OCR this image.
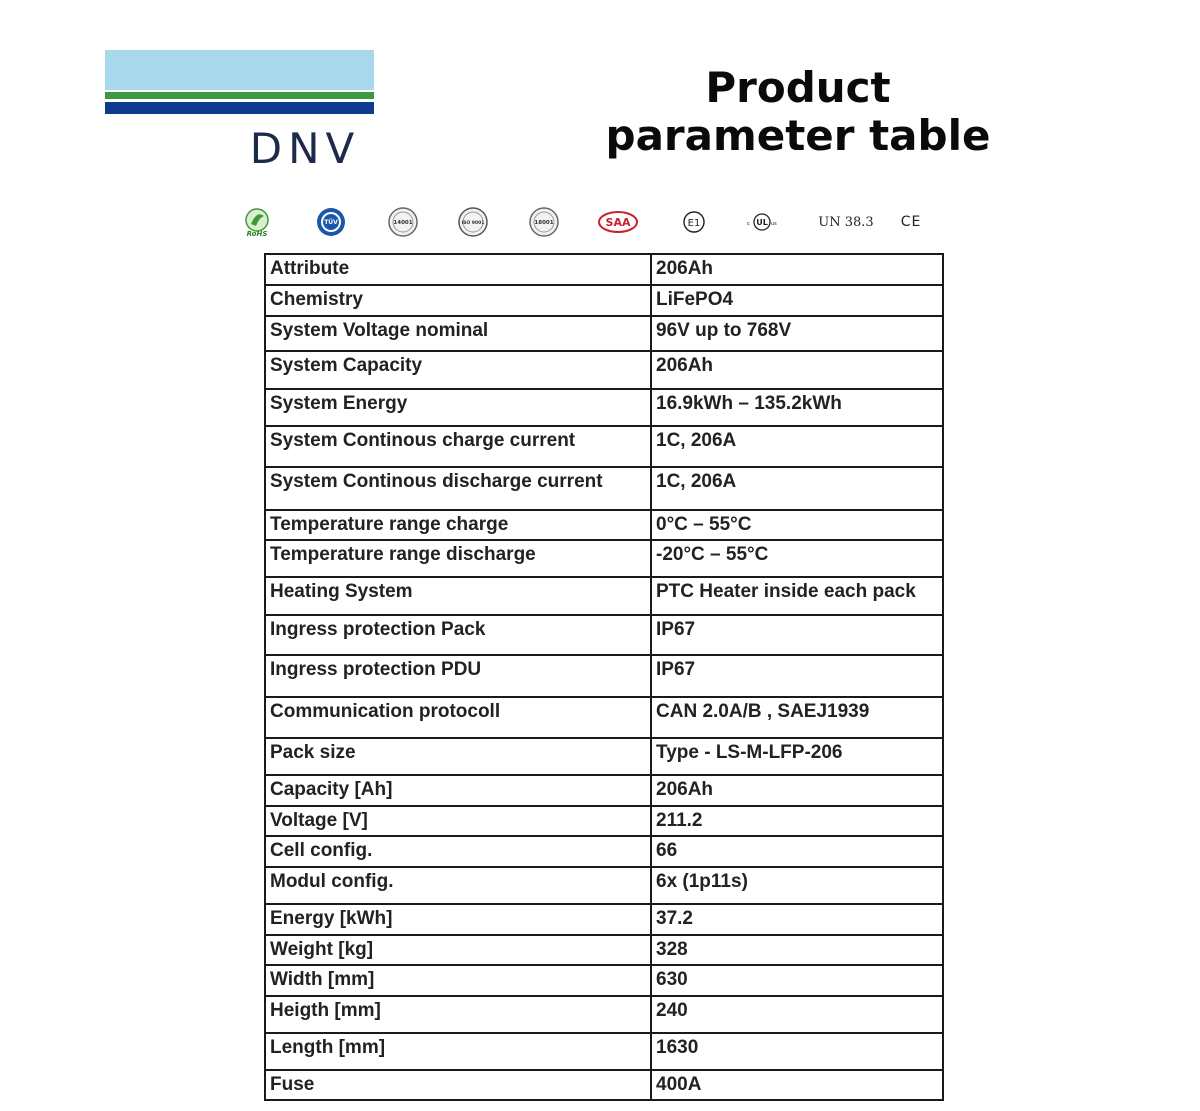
DNV
Product
parameter table
RoHS
TÜV	14001	ISO 9001	18001	SAA	E1	c UL us	UN 38.3 CE
Attribute	206Ah
Chemistry	LiFePO4
System Voltage nominal	96V up to 768V
System Capacity	206Ah
System Energy	16.9kWh – 135.2kWh
System Continous charge current	1C, 206A
System Continous discharge current	1C, 206A
Temperature range charge	0°C – 55°C
Temperature range discharge	-20°C – 55°C
Heating System	PTC Heater inside each pack
Ingress protection Pack	IP67
Ingress protection PDU	IP67
Communication protocoll	CAN 2.0A/B , SAEJ1939
Pack size	Type - LS-M-LFP-206
Capacity [Ah]	206Ah
Voltage [V]	211.2
Cell config.	66
Modul config.	6x (1p11s)
Energy [kWh]	37.2
Weight [kg]	328
Width [mm]	630
Heigth [mm]	240
Length [mm]	1630
Fuse	400A
